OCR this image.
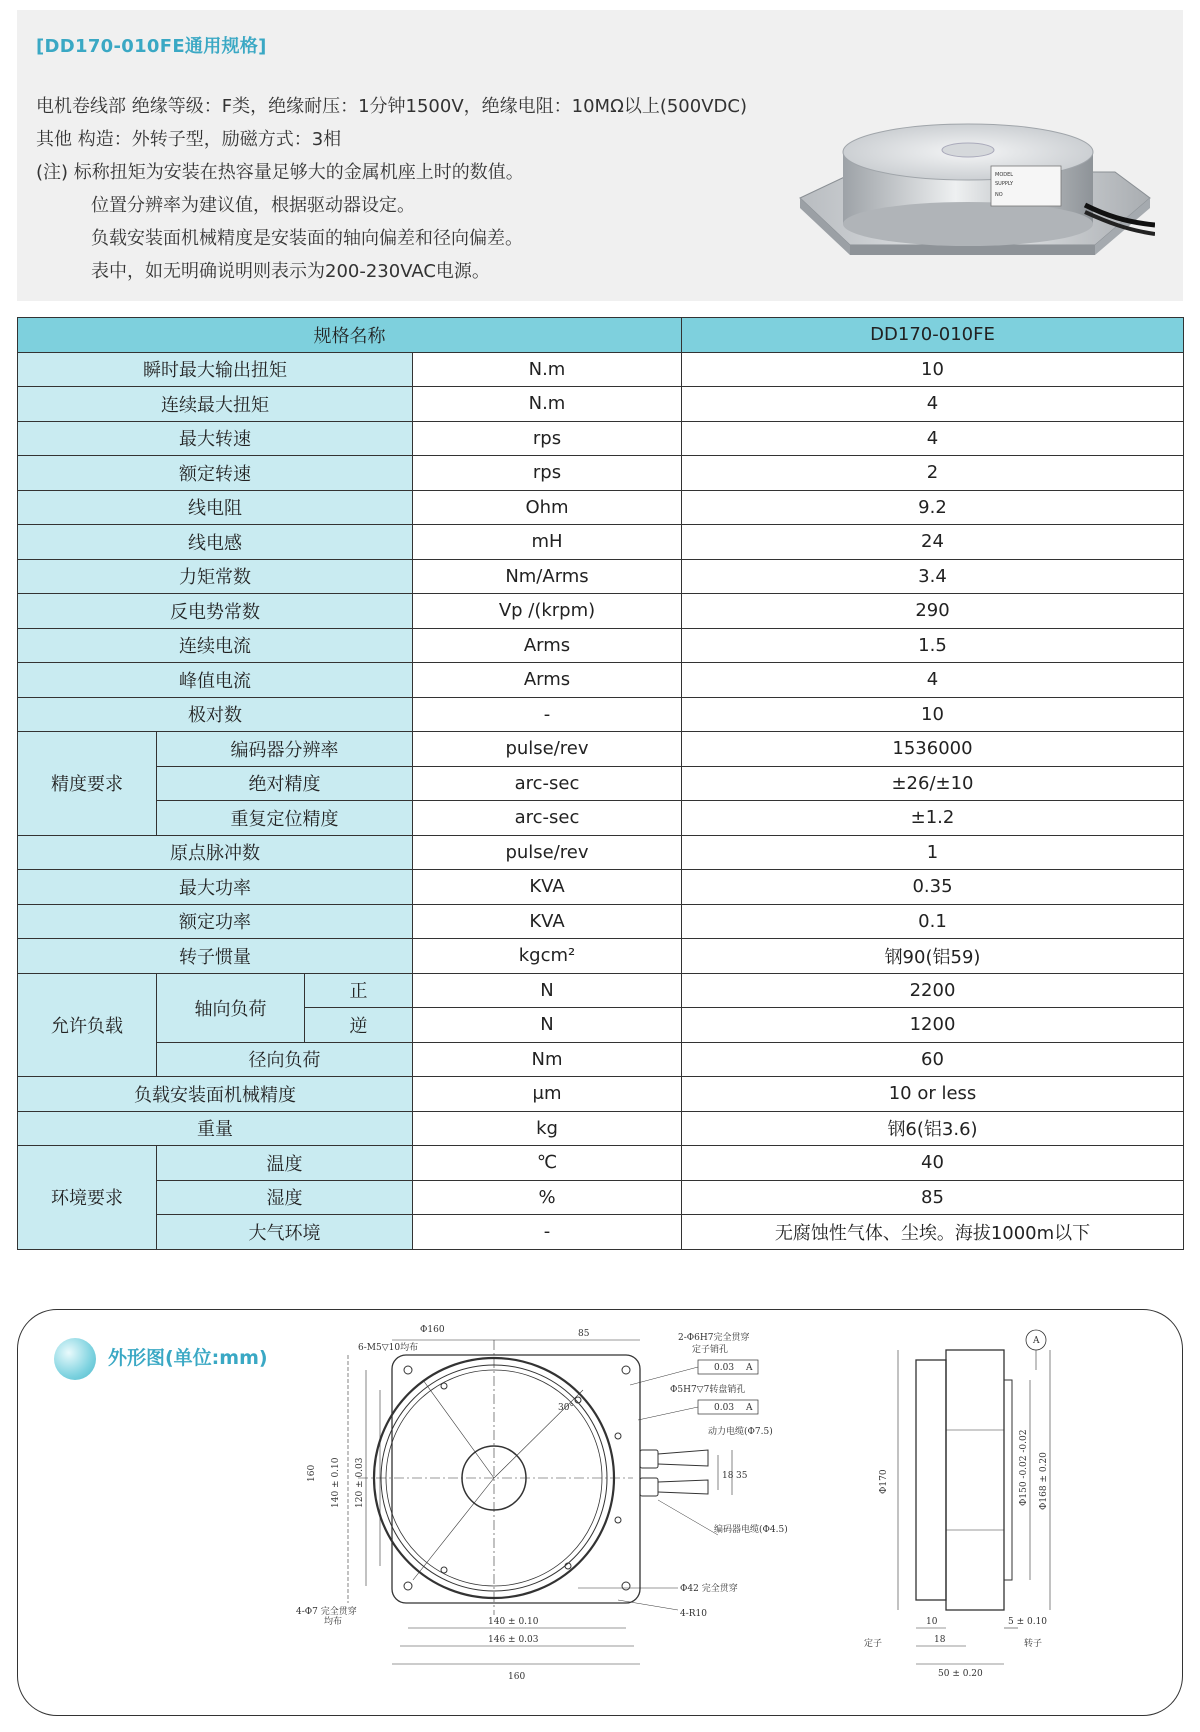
[DD170-010FE通用规格]
电机卷线部 绝缘等级：F类，绝缘耐压：1分钟1500V，绝缘电阻：10MΩ以上(500VDC)
其他 构造：外转子型，励磁方式：3相
(注) 标称扭矩为安装在热容量足够大的金属机座上时的数值。
位置分辨率为建议值，根据驱动器设定。
负载安装面机械精度是安装面的轴向偏差和径向偏差。
表中，如无明确说明则表示为200-230VAC电源。
MODEL
SUPPLY
NO
规格名称				DD170-010FE
瞬时最大输出扭矩			N.m	10
连续最大扭矩			N.m	4
最大转速			rps	4
额定转速			rps	2
线电阻			Ohm	9.2
线电感			mH	24
力矩常数			Nm/Arms	3.4
反电势常数			Vp /(krpm)	290
连续电流			Arms	1.5
峰值电流			Arms	4
极对数			-	10
精度要求	编码器分辨率		pulse/rev	1536000
	绝对精度		arc-sec	±26/±10
	重复定位精度		arc-sec	±1.2
原点脉冲数			pulse/rev	1
最大功率			KVA	0.35
额定功率			KVA	0.1
转子惯量			kgcm²	钢90(铝59)
允许负载	轴向负荷	正	N	2200
		逆	N	1200
	径向负荷		Nm	60
负载安装面机械精度			μm	10 or less
重量			kg	钢6(铝3.6)
环境要求	温度		℃	40
	湿度		%	85
	大气环境		-	无腐蚀性气体、尘埃。海拔1000m以下
外形图(单位:mm)
Φ160
6-M5▽10均布
85	2-Φ6H7完全贯穿
定子销孔
0.03 A
Φ5H7▽7转盘销孔
0.03 A
动力电缆(Φ7.5)
编码器电缆(Φ4.5)
Φ42 完全贯穿
4-R10
4-Φ7 完全贯穿
均布
30°
18 35
160 140 ± 0.10 120 ± 0.03
140 ± 0.10
146 ± 0.03
160
Φ170	Φ150 -0.02 -0.02 Φ168 ± 0.20
10
18
5 ± 0.10
50 ± 0.20
定子	转子
A
